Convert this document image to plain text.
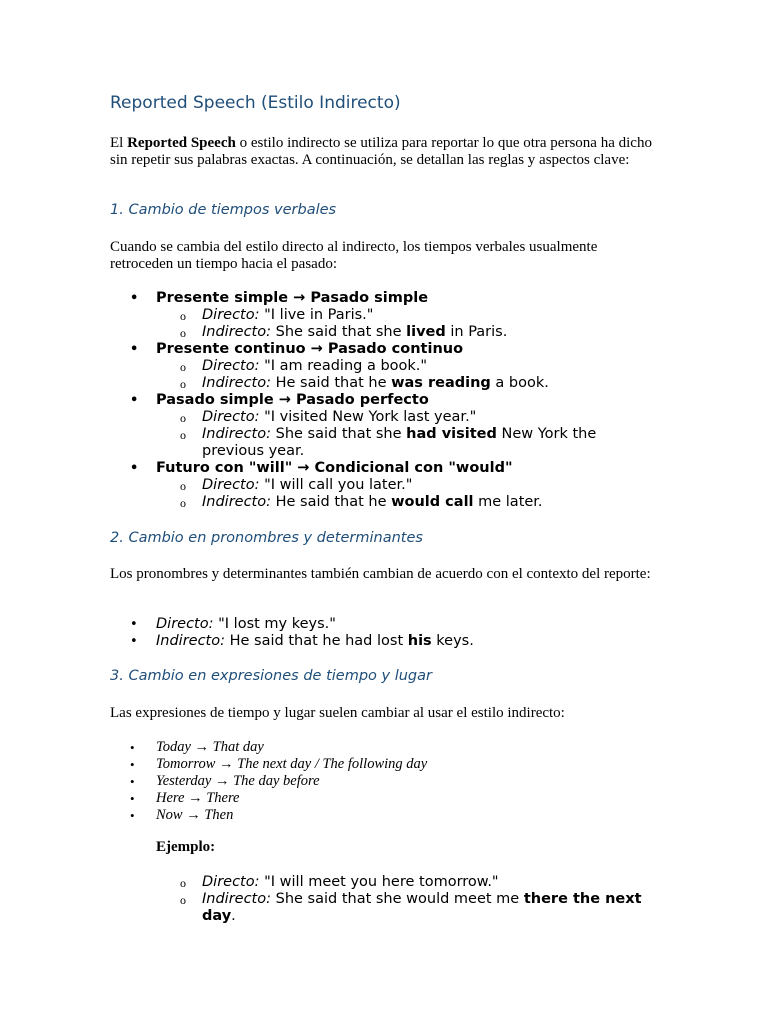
Reported Speech (Estilo Indirecto)

El Reported Speech o estilo indirecto se utiliza para reportar lo que otra persona ha dicho sin repetir sus palabras exactas. A continuación, se detallan las reglas y aspectos clave:

1. Cambio de tiempos verbales

Cuando se cambia del estilo directo al indirecto, los tiempos verbales usualmente retroceden un tiempo hacia el pasado:

• Presente simple → Pasado simple
o Directo: "I live in Paris."
o Indirecto: She said that she lived in Paris.
• Presente continuo → Pasado continuo
o Directo: "I am reading a book."
o Indirecto: He said that he was reading a book.
• Pasado simple → Pasado perfecto
o Directo: "I visited New York last year."
o Indirecto: She said that she had visited New York the previous year.
• Futuro con "will" → Condicional con "would"
o Directo: "I will call you later."
o Indirecto: He said that he would call me later.
2. Cambio en pronombres y determinantes

Los pronombres y determinantes también cambian de acuerdo con el contexto del reporte:

• Directo: "I lost my keys."
• Indirecto: He said that he had lost his keys.
3. Cambio en expresiones de tiempo y lugar

Las expresiones de tiempo y lugar suelen cambiar al usar el estilo indirecto:

• Today → That day
• Tomorrow → The next day / The following day
• Yesterday → The day before
• Here → There
• Now → Then

Ejemplo:

o Directo: "I will meet you here tomorrow."
o Indirecto: She said that she would meet me there the next day.
